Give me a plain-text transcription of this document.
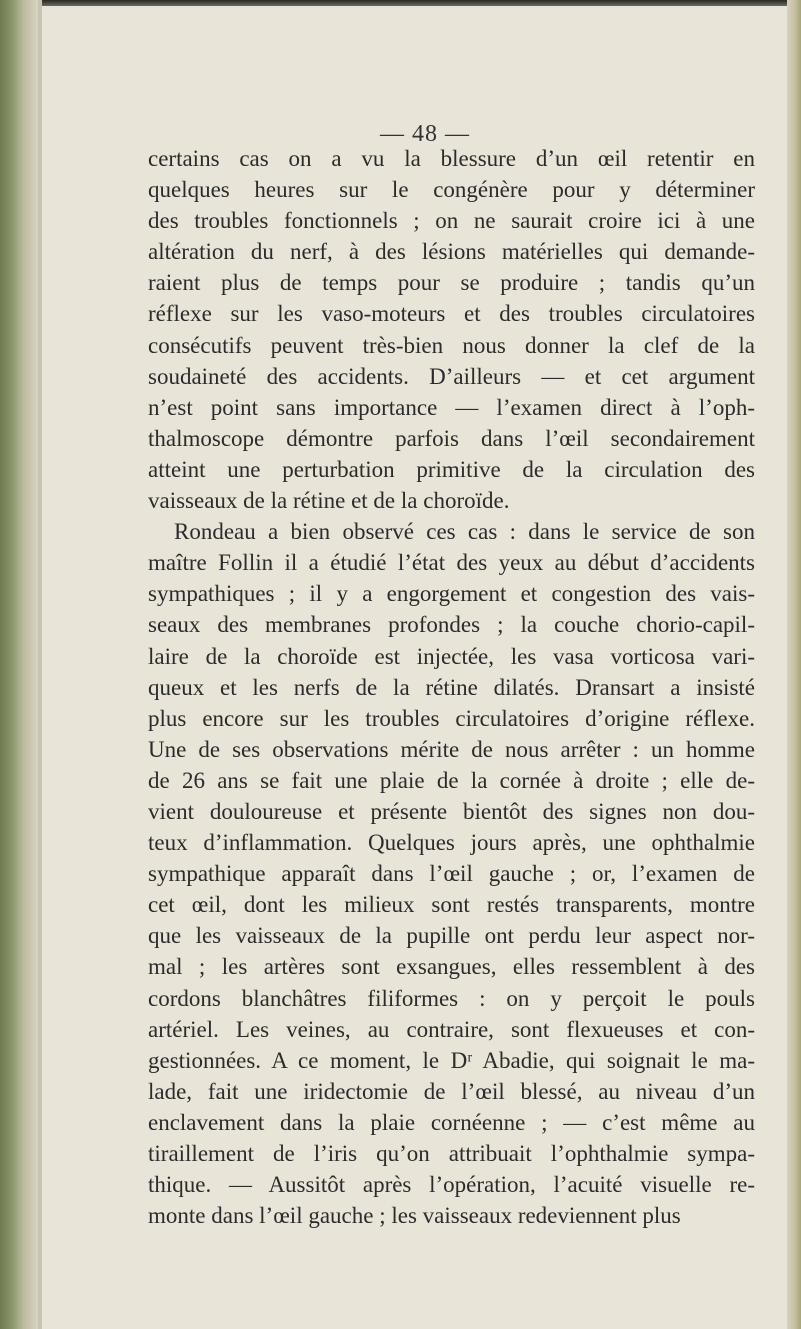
— 48 —
certains cas on a vu la blessure d’un œil retentir en
quelques heures sur le congénère pour y déterminer
des troubles fonctionnels ; on ne saurait croire ici à une
altération du nerf, à des lésions matérielles qui demande-
raient plus de temps pour se produire ; tandis qu’un
réflexe sur les vaso-moteurs et des troubles circulatoires
consécutifs peuvent très-bien nous donner la clef de la
soudaineté des accidents. D’ailleurs — et cet argument
n’est point sans importance — l’examen direct à l’oph-
thalmoscope démontre parfois dans l’œil secondairement
atteint une perturbation primitive de la circulation des
vaisseaux de la rétine et de la choroïde.
Rondeau a bien observé ces cas : dans le service de son
maître Follin il a étudié l’état des yeux au début d’accidents
sympathiques ; il y a engorgement et congestion des vais-
seaux des membranes profondes ; la couche chorio-capil-
laire de la choroïde est injectée, les vasa vorticosa vari-
queux et les nerfs de la rétine dilatés. Dransart a insisté
plus encore sur les troubles circulatoires d’origine réflexe.
Une de ses observations mérite de nous arrêter : un homme
de 26 ans se fait une plaie de la cornée à droite ; elle de-
vient douloureuse et présente bientôt des signes non dou-
teux d’inflammation. Quelques jours après, une ophthalmie
sympathique apparaît dans l’œil gauche ; or, l’examen de
cet œil, dont les milieux sont restés transparents, montre
que les vaisseaux de la pupille ont perdu leur aspect nor-
mal ; les artères sont exsangues, elles ressemblent à des
cordons blanchâtres filiformes : on y perçoit le pouls
artériel. Les veines, au contraire, sont flexueuses et con-
gestionnées. A ce moment, le Dʳ Abadie, qui soignait le ma-
lade, fait une iridectomie de l’œil blessé, au niveau d’un
enclavement dans la plaie cornéenne ; — c’est même au
tiraillement de l’iris qu’on attribuait l’ophthalmie sympa-
thique. — Aussitôt après l’opération, l’acuité visuelle re-
monte dans l’œil gauche ; les vaisseaux redeviennent plus
